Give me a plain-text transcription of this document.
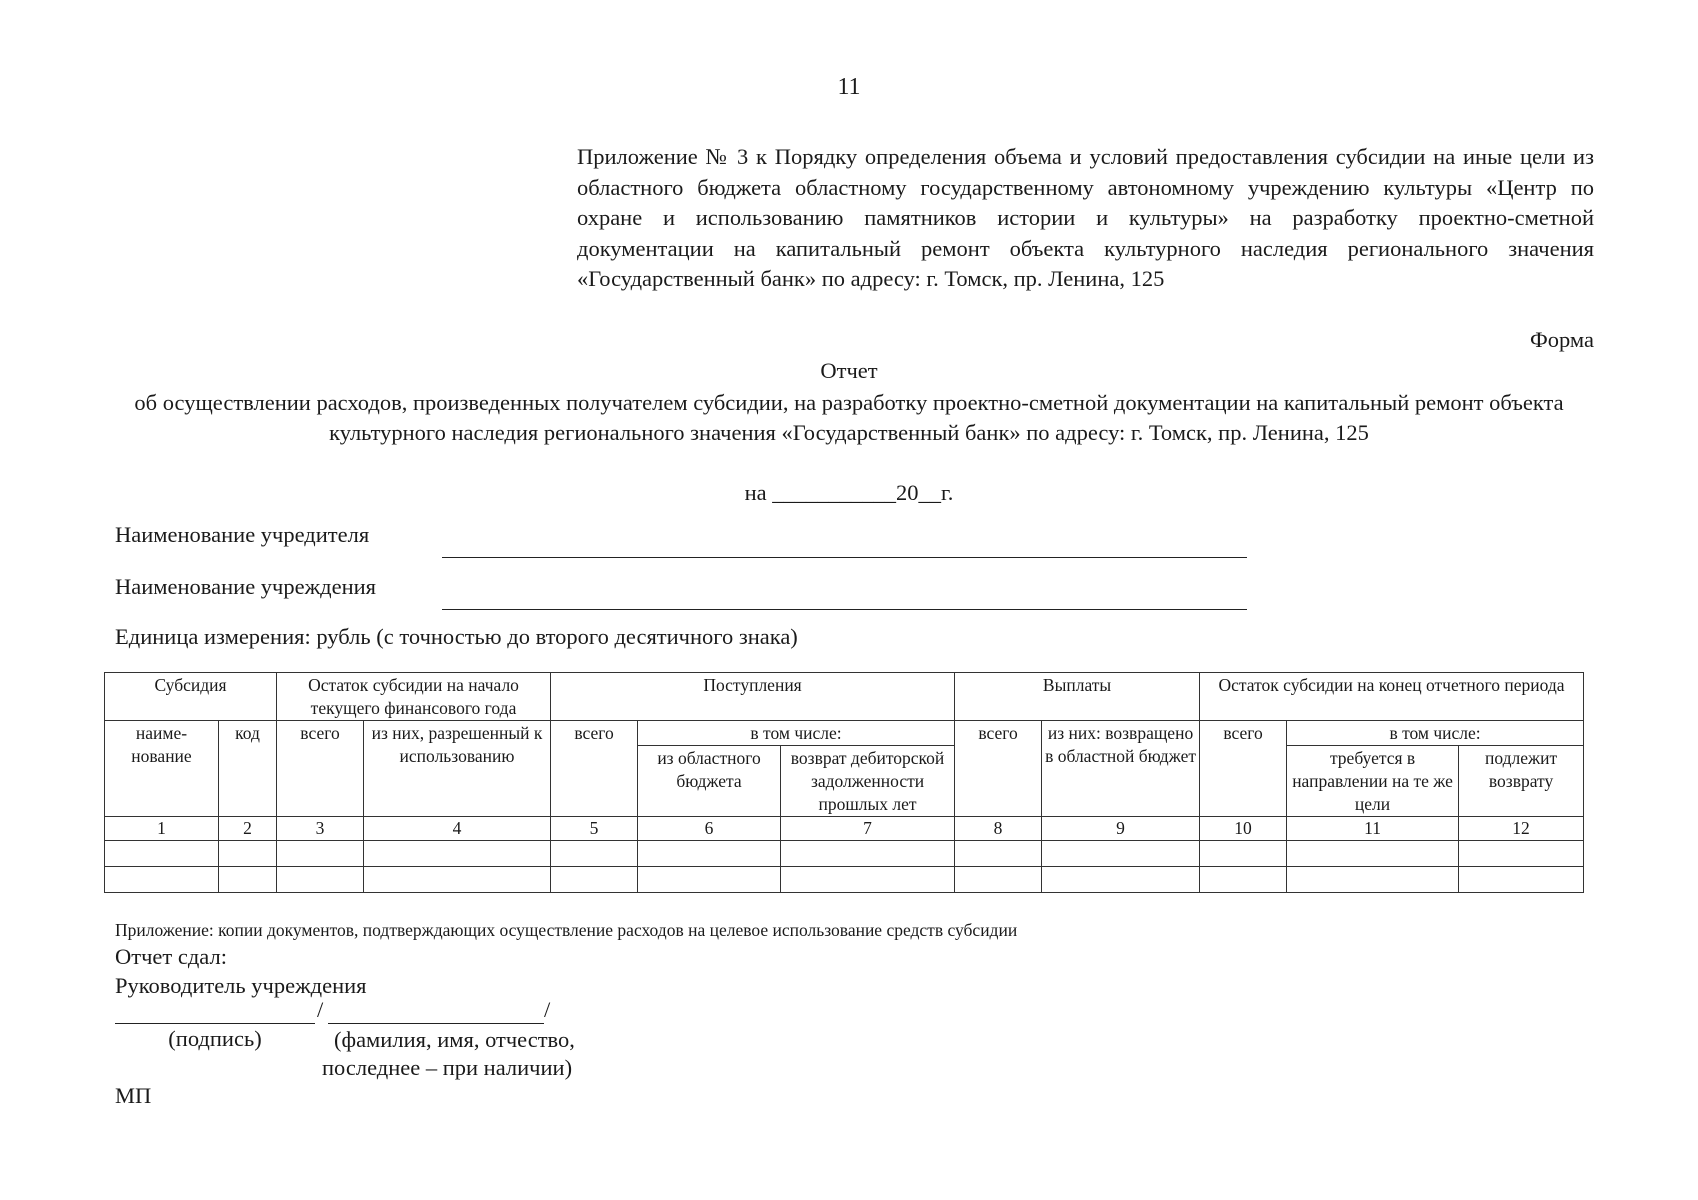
11
Приложение № 3 к Порядку определения объема и условий предоставления субсидии на иные цели из областного бюджета областному государственному автономному учреждению культуры «Центр по охране и использованию памятников истории и культуры» на разработку проектно-сметной документации на капитальный ремонт объекта культурного наследия регионального значения «Государственный банк» по адресу: г. Томск, пр. Ленина, 125
Форма
Отчет
об осуществлении расходов, произведенных получателем субсидии, на разработку проектно-сметной документации на капитальный ремонт объекта культурного наследия регионального значения «Государственный банк» по адресу: г. Томск, пр. Ленина, 125
на ___________20__г.
Наименование учредителя
Наименование учреждения
Единица измерения: рубль (с точностью до второго десятичного знака)
Субсидия		Остаток субсидии на начало текущего финансового года		Поступления			Выплаты		Остаток субсидии на конец отчетного периода		
наиме-нование	код	всего	из них, разрешенный к использованию	всего	в том числе:		всего	из них: возвращено в областной бюджет	всего	в том числе:	
					из областного бюджета	возврат дебиторской задолженности прошлых лет				требуется в направлении на те же цели	подлежит возврату
1	2	3	4	5	6	7	8	9	10	11	12

Приложение: копии документов, подтверждающих осуществление расходов на целевое использование средств субсидии
Отчет сдал:
Руководитель учреждения
/	/
(подпись)	(фамилия, имя, отчество,
последнее – при наличии)
МП
